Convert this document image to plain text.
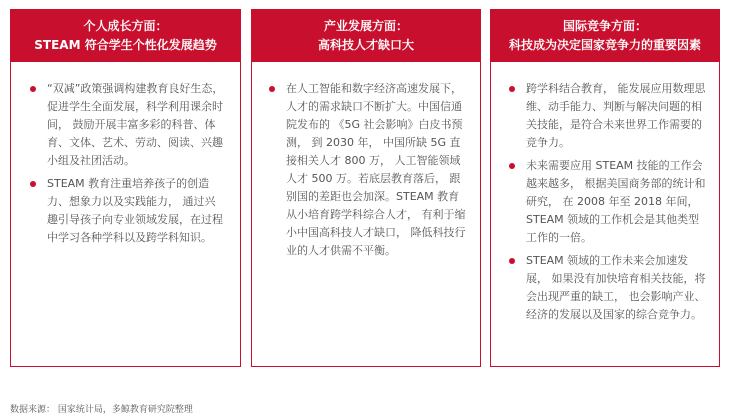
个人成长方面：
STEAM 符合学生个性化发展趋势
“双减”政策强调构建教育良好生态， 促进学生全面发展，科学利用课余时间， 鼓励开展丰富多彩的科普、体育、文体、艺术、劳动、阅读、兴趣小组及社团活动。
STEAM 教育注重培养孩子的创造力、想象力以及实践能力， 通过兴趣引导孩子向专业领域发展，在过程中学习各种学科以及跨学科知识。
产业发展方面：
高科技人才缺口大
在人工智能和数字经济高速发展下， 人才的需求缺口不断扩大。中国信通院发布的 《5G 社会影响》白皮书预测， 到 2030 年， 中国所缺 5G 直接相关人才 800 万， 人工智能领域人才 500 万。若底层教育落后， 跟别国的差距也会加深。STEAM 教育从小培育跨学科综合人才， 有利于缩小中国高科技人才缺口， 降低科技行业的人才供需不平衡。
国际竞争方面：
科技成为决定国家竞争力的重要因素
跨学科结合教育， 能发展应用数理思维、动手能力、判断与解决问题的相关技能，是符合未来世界工作需要的竞争力。
未来需要应用 STEAM 技能的工作会越来越多， 根据美国商务部的统计和研究， 在 2008 年至 2018 年间， STEAM 领域的工作机会是其他类型工作的一倍。
STEAM 领域的工作未来会加速发展， 如果没有加快培育相关技能，将会出现严重的缺工， 也会影响产业、经济的发展以及国家的综合竞争力。
数据来源： 国家统计局，多鲸教育研究院整理
